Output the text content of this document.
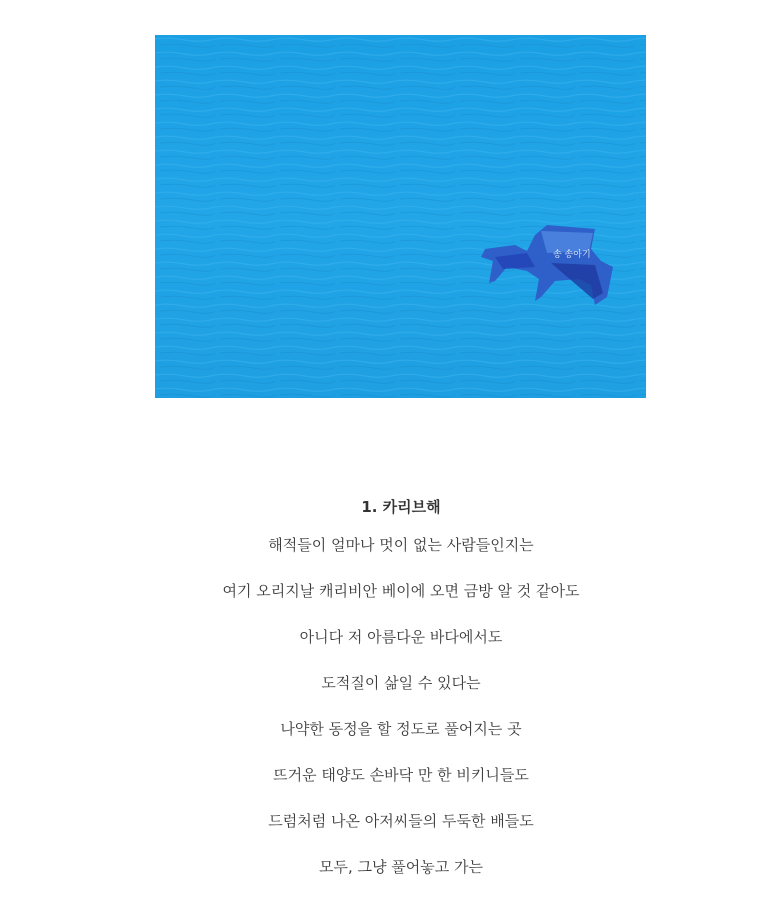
송 송아기
1. 카리브해
해적들이 얼마나 멋이 없는 사람들인지는
여기 오리지날 캐리비안 베이에 오면 금방 알 것 같아도
아니다 저 아름다운 바다에서도
도적질이 삶일 수 있다는
나약한 동정을 할 정도로 풀어지는 곳
뜨거운 태양도 손바닥 만 한 비키니들도
드럼처럼 나온 아저씨들의 두둑한 배들도
모두, 그냥 풀어놓고 가는
